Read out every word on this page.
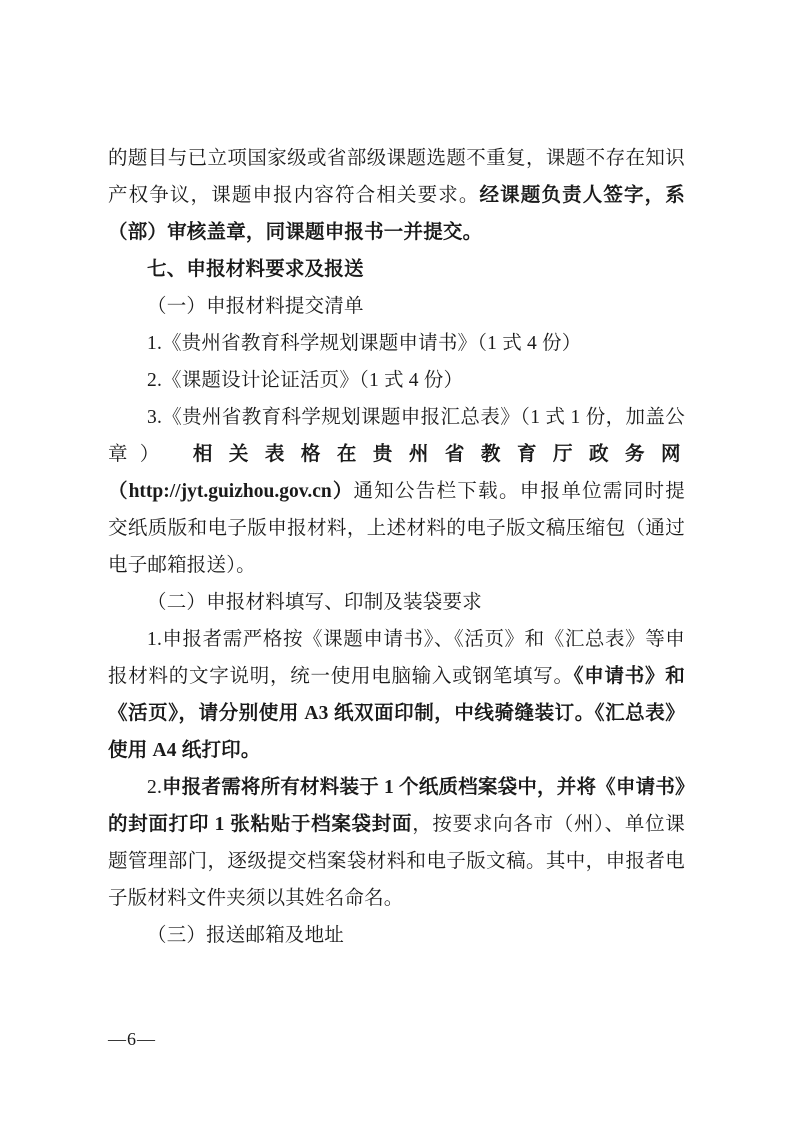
的题目与已立项国家级或省部级课题选题不重复，课题不存在知识产权争议，课题申报内容符合相关要求。经课题负责人签字，系（部）审核盖章，同课题申报书一并提交。

七、申报材料要求及报送

（一）申报材料提交清单

1.《贵州省教育科学规划课题申请书》（1 式 4 份）

2.《课题设计论证活页》（1 式 4 份）

3.《贵州省教育科学规划课题申报汇总表》（1 式 1 份，加盖公章） 相关表格在贵州省教育厅政务网（http://jyt.guizhou.gov.cn）通知公告栏下载。申报单位需同时提交纸质版和电子版申报材料，上述材料的电子版文稿压缩包（通过电子邮箱报送）。

（二）申报材料填写、印制及装袋要求

1.申报者需严格按《课题申请书》、《活页》和《汇总表》等申报材料的文字说明，统一使用电脑输入或钢笔填写。《申请书》和《活页》，请分别使用 A3 纸双面印制，中线骑缝装订。《汇总表》使用 A4 纸打印。

2.申报者需将所有材料装于 1 个纸质档案袋中，并将《申请书》的封面打印 1 张粘贴于档案袋封面，按要求向各市（州）、单位课题管理部门，逐级提交档案袋材料和电子版文稿。其中，申报者电子版材料文件夹须以其姓名命名。

（三）报送邮箱及地址

—6—
